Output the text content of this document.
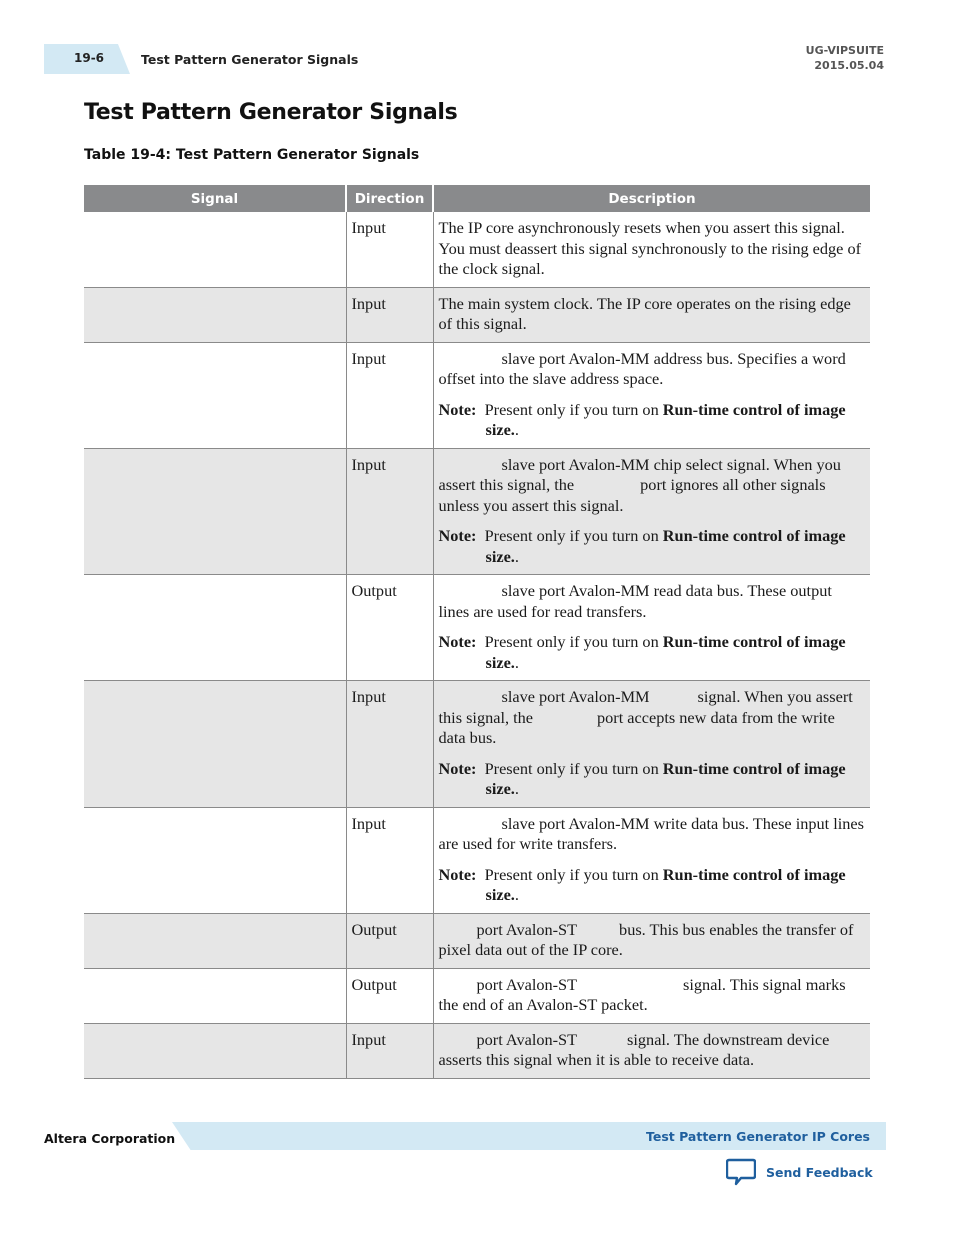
19-6	Test Pattern Generator Signals
UG-VIPSUITE
2015.05.04
Test Pattern Generator Signals
Table 19-4: Test Pattern Generator Signals
Signal	Direction	Description
	Input	The IP core asynchronously resets when you assert this signal. You must deassert this signal synchronously to the rising edge of the clock signal.

	Input	The main system clock. The IP core operates on the rising edge of this signal.

	Input	slave port Avalon-MM address bus. Specifies a word offset into the slave address space.

Note: Present only if you turn on Run-time control of image size..

	Input	slave port Avalon-MM chip select signal. When you assert this signal, the port ignores all other signals unless you assert this signal.

Note: Present only if you turn on Run-time control of image size..

	Output	slave port Avalon-MM read data bus. These output lines are used for read transfers.

Note: Present only if you turn on Run-time control of image size..

	Input	slave port Avalon-MM signal. When you assert this signal, the port accepts new data from the write data bus.

Note: Present only if you turn on Run-time control of image size..

	Input	slave port Avalon-MM write data bus. These input lines are used for write transfers.

Note: Present only if you turn on Run-time control of image size..

	Output	port Avalon-ST bus. This bus enables the transfer of pixel data out of the IP core.

	Output	port Avalon-ST signal. This signal marks the end of an Avalon-ST packet.

	Input	port Avalon-ST signal. The downstream device asserts this signal when it is able to receive data.

Altera Corporation	Test Pattern Generator IP Cores
Send Feedback
